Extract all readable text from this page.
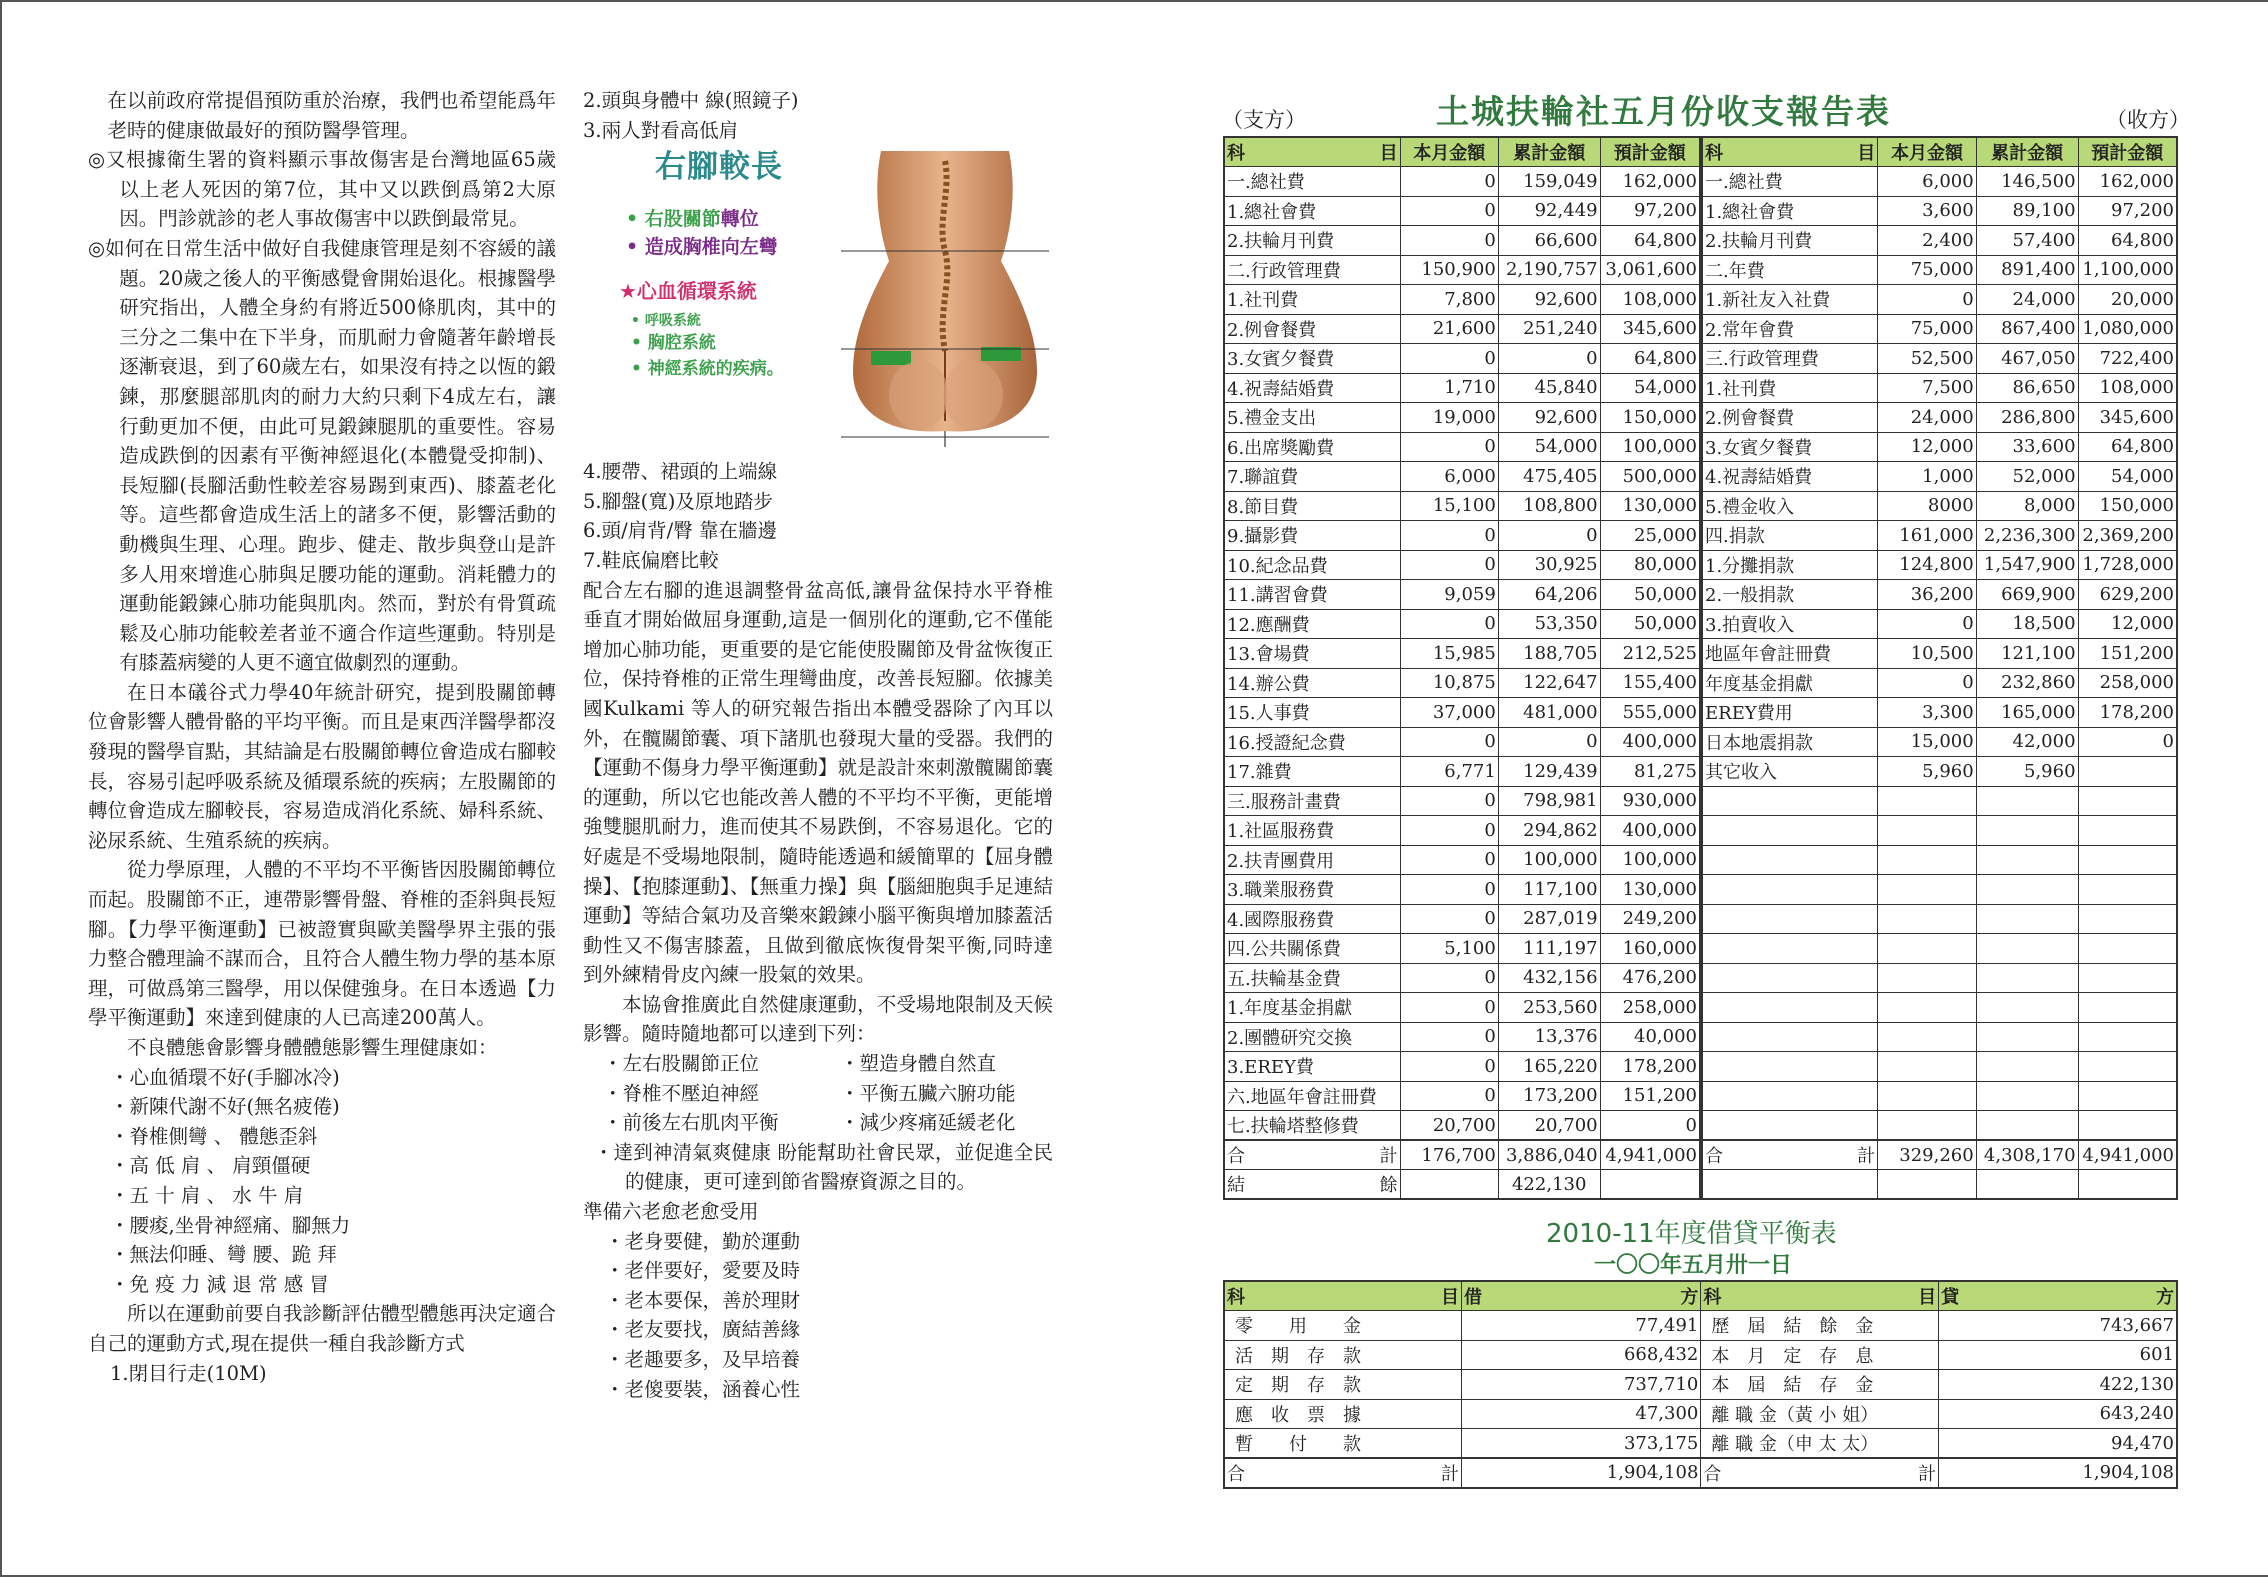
在以前政府常提倡預防重於治療，我們也希望能爲年老時的健康做最好的預防醫學管理。
◎又根據衛生署的資料顯示事故傷害是台灣地區65歲以上老人死因的第7位，其中又以跌倒爲第2大原因。門診就診的老人事故傷害中以跌倒最常見。
◎如何在日常生活中做好自我健康管理是刻不容緩的議題。20歲之後人的平衡感覺會開始退化。根據醫學研究指出，人體全身約有將近500條肌肉，其中的三分之二集中在下半身，而肌耐力會隨著年齡增長逐漸衰退，到了60歲左右，如果沒有持之以恆的鍛鍊，那麼腿部肌肉的耐力大約只剩下4成左右，讓行動更加不便，由此可見鍛鍊腿肌的重要性。容易造成跌倒的因素有平衡神經退化(本體覺受抑制)、長短腳(長腳活動性較差容易踢到東西)、膝蓋老化等。這些都會造成生活上的諸多不便，影響活動的動機與生理、心理。跑步、健走、散步與登山是許多人用來增進心肺與足腰功能的運動。消耗體力的運動能鍛鍊心肺功能與肌肉。然而，對於有骨質疏鬆及心肺功能較差者並不適合作這些運動。特別是有膝蓋病變的人更不適宜做劇烈的運動。
在日本礒谷式力學40年統計研究，提到股關節轉位會影響人體骨骼的平均平衡。而且是東西洋醫學都沒發現的醫學盲點，其結論是右股關節轉位會造成右腳較長，容易引起呼吸系統及循環系統的疾病；左股關節的轉位會造成左腳較長，容易造成消化系統、婦科系統、泌尿系統、生殖系統的疾病。
從力學原理，人體的不平均不平衡皆因股關節轉位而起。股關節不正，連帶影響骨盤、脊椎的歪斜與長短腳。【力學平衡運動】已被證實與歐美醫學界主張的張力整合體理論不謀而合，且符合人體生物力學的基本原理，可做爲第三醫學，用以保健強身。在日本透過【力學平衡運動】來達到健康的人已高達200萬人。
不良體態會影響身體體態影響生理健康如：
・心血循環不好(手腳冰冷)
・新陳代謝不好(無名疲倦)
・脊椎側彎 、 體態歪斜
・高 低 肩 、 肩頸僵硬
・五 十 肩 、 水 牛 肩
・腰痠,坐骨神經痛、腳無力
・無法仰睡、彎 腰、跪 拜
・免 疫 力 減 退 常 感 冒
所以在運動前要自我診斷評估體型體態再決定適合自己的運動方式,現在提供一種自我診斷方式
1.閉目行走(10M)
2.頭與身體中 線(照鏡子)
3.兩人對看高低肩
右腳較長
• 右股關節轉位
• 造成胸椎向左彎
★心血循環系統
• 呼吸系統
• 胸腔系統
• 神經系統的疾病。
4.腰帶、裙頭的上端線
5.腳盤(寬)及原地踏步
6.頭/肩背/臀 靠在牆邊
7.鞋底偏磨比較
配合左右腳的進退調整骨盆高低,讓骨盆保持水平脊椎垂直才開始做屈身運動,這是一個別化的運動,它不僅能增加心肺功能，更重要的是它能使股關節及骨盆恢復正位，保持脊椎的正常生理彎曲度，改善長短腳。依據美國Kulkami 等人的研究報告指出本體受器除了內耳以外，在髖關節囊、項下諸肌也發現大量的受器。我們的【運動不傷身力學平衡運動】就是設計來刺激髖關節囊的運動，所以它也能改善人體的不平均不平衡，更能增強雙腿肌耐力，進而使其不易跌倒，不容易退化。它的好處是不受場地限制，隨時能透過和緩簡單的【屈身體操】、【抱膝運動】、【無重力操】與【腦細胞與手足連結運動】等結合氣功及音樂來鍛鍊小腦平衡與增加膝蓋活動性又不傷害膝蓋，且做到徹底恢復骨架平衡,同時達到外練精骨皮內練一股氣的效果。
本協會推廣此自然健康運動，不受場地限制及天候影響。隨時隨地都可以達到下列：
・左右股關節正位	・塑造身體自然直
・脊椎不壓迫神經	・平衡五臟六腑功能
・前後左右肌肉平衡	・減少疼痛延緩老化
・達到神清氣爽健康 盼能幫助社會民眾，並促進全民的健康，更可達到節省醫療資源之目的。
準備六老愈老愈受用
・老身要健，勤於運動
・老伴要好，愛要及時
・老本要保，善於理財
・老友要找，廣結善緣
・老趣要多，及早培養
・老傻要裝，涵養心性
（支方）	土城扶輪社五月份收支報告表	（收方）
科 目	本月金額	累計金額	預計金額
一.總社費	0	159,049	162,000
1.總社會費	0	92,449	97,200
2.扶輪月刊費	0	66,600	64,800
二.行政管理費	150,900	2,190,757	3,061,600
1.社刊費	7,800	92,600	108,000
2.例會餐費	21,600	251,240	345,600
3.女賓夕餐費	0	0	64,800
4.祝壽結婚費	1,710	45,840	54,000
5.禮金支出	19,000	92,600	150,000
6.出席獎勵費	0	54,000	100,000
7.聯誼費	6,000	475,405	500,000
8.節目費	15,100	108,800	130,000
9.攝影費	0	0	25,000
10.紀念品費	0	30,925	80,000
11.講習會費	9,059	64,206	50,000
12.應酬費	0	53,350	50,000
13.會場費	15,985	188,705	212,525
14.辦公費	10,875	122,647	155,400
15.人事費	37,000	481,000	555,000
16.授證紀念費	0	0	400,000
17.雜費	6,771	129,439	81,275
三.服務計畫費	0	798,981	930,000
1.社區服務費	0	294,862	400,000
2.扶青團費用	0	100,000	100,000
3.職業服務費	0	117,100	130,000
4.國際服務費	0	287,019	249,200
四.公共關係費	5,100	111,197	160,000
五.扶輪基金費	0	432,156	476,200
1.年度基金捐獻	0	253,560	258,000
2.團體研究交換	0	13,376	40,000
3.EREY費	0	165,220	178,200
六.地區年會註冊費	0	173,200	151,200
七.扶輪塔整修費	20,700	20,700	0

合 計	176,700	3,886,040	4,941,000

結 餘		422,130	
科 目	本月金額	累計金額	預計金額
一.總社費	6,000	146,500	162,000
1.總社會費	3,600	89,100	97,200
2.扶輪月刊費	2,400	57,400	64,800
二.年費	75,000	891,400	1,100,000
1.新社友入社費	0	24,000	20,000
2.常年會費	75,000	867,400	1,080,000
三.行政管理費	52,500	467,050	722,400
1.社刊費	7,500	86,650	108,000
2.例會餐費	24,000	286,800	345,600
3.女賓夕餐費	12,000	33,600	64,800
4.祝壽結婚費	1,000	52,000	54,000
5.禮金收入	8000	8,000	150,000
四.捐款	161,000	2,236,300	2,369,200
1.分攤捐款	124,800	1,547,900	1,728,000
2.一般捐款	36,200	669,900	629,200
3.拍賣收入	0	18,500	12,000
地區年會註冊費	10,500	121,100	151,200
年度基金捐獻	0	232,860	258,000
EREY費用	3,300	165,000	178,200
日本地震捐款	15,000	42,000	0
其它收入	5,960	5,960	

合 計	329,260	4,308,170	4,941,000

2010-11年度借貸平衡表
一〇〇年五月卅一日
科 目	借 方	科 目	貸 方

零　　用　　金	77,491	歷　屆　結　餘　金	743,667
活　期　存　款	668,432	本　月　定　存　息	601
定　期　存　款	737,710	本　屆　結　存　金	422,130
應　收　票　據	47,300	離 職 金（黃 小 姐）	643,240
暫　　付　　款	373,175	離 職 金（申 太 太）	94,470

合 計	1,904,108	合 計	1,904,108
